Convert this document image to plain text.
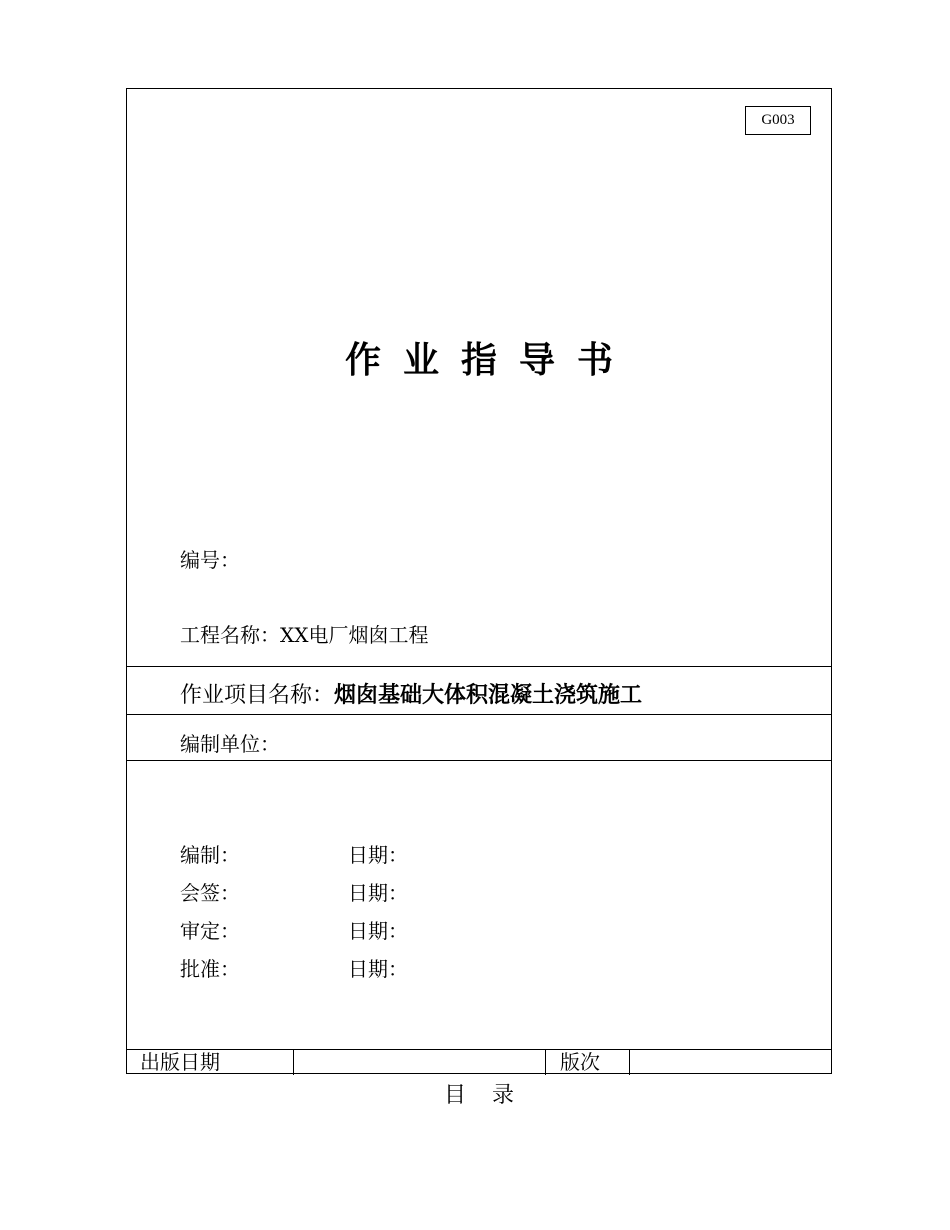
G003
作业指导书
编号：
工程名称：XX电厂烟囱工程
作业项目名称：烟囱基础大体积混凝土浇筑施工
编制单位：
编制：	日期：
会签：	日期：
审定：	日期：
批准：	日期：
出版日期	版次
目录
